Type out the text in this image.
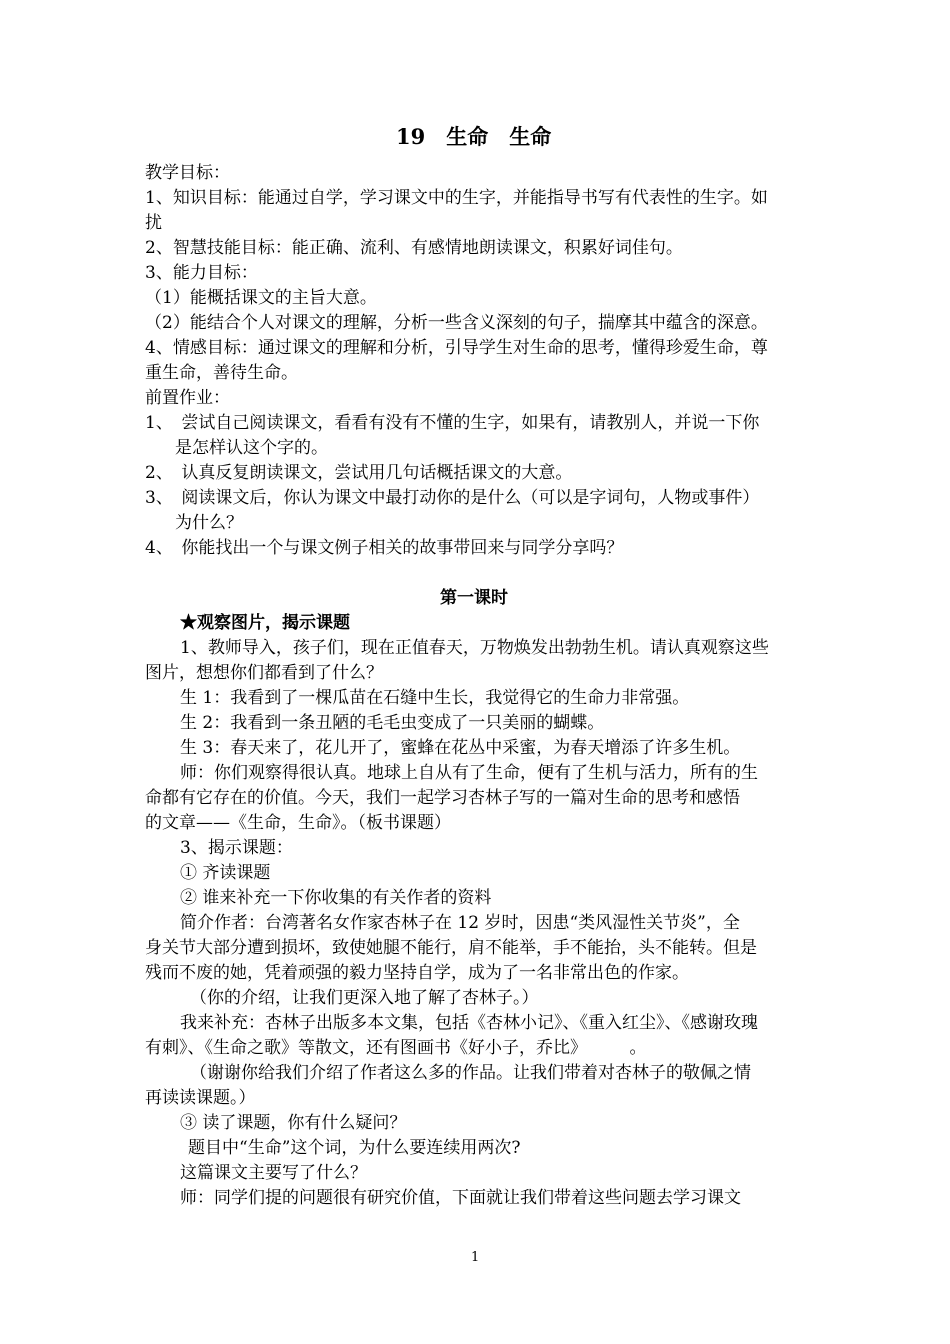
19　生命　生命
教学目标：
1、知识目标：能通过自学，学习课文中的生字，并能指导书写有代表性的生字。如
扰
2、智慧技能目标：能正确、流利、有感情地朗读课文，积累好词佳句。
3、能力目标：
（1）能概括课文的主旨大意。
（2）能结合个人对课文的理解，分析一些含义深刻的句子，揣摩其中蕴含的深意。
4、情感目标：通过课文的理解和分析，引导学生对生命的思考，懂得珍爱生命，尊
重生命，善待生命。
前置作业：
1、　尝试自己阅读课文，看看有没有不懂的生字，如果有，请教别人，并说一下你
是怎样认这个字的。
2、　认真反复朗读课文，尝试用几句话概括课文的大意。
3、　阅读课文后，你认为课文中最打动你的是什么（可以是字词句，人物或事件）
为什么？
4、　你能找出一个与课文例子相关的故事带回来与同学分享吗？
第一课时
★观察图片，揭示课题
1、教师导入，孩子们，现在正值春天，万物焕发出勃勃生机。请认真观察这些
图片，想想你们都看到了什么？
生 1：我看到了一棵瓜苗在石缝中生长，我觉得它的生命力非常强。
生 2：我看到一条丑陋的毛毛虫变成了一只美丽的蝴蝶。
生 3：春天来了，花儿开了，蜜蜂在花丛中采蜜，为春天增添了许多生机。
师：你们观察得很认真。地球上自从有了生命，便有了生机与活力，所有的生
命都有它存在的价值。今天，我们一起学习杏林子写的一篇对生命的思考和感悟
的文章——《生命，生命》。（板书课题）
3、揭示课题：
① 齐读课题
② 谁来补充一下你收集的有关作者的资料
简介作者：台湾著名女作家杏林子在 12 岁时，因患“类风湿性关节炎”，全
身关节大部分遭到损坏，致使她腿不能行，肩不能举，手不能抬，头不能转。但是
残而不废的她，凭着顽强的毅力坚持自学，成为了一名非常出色的作家。
（你的介绍，让我们更深入地了解了杏林子。）
我来补充：杏林子出版多本文集，包括《杏林小记》、《重入红尘》、《感谢玫瑰
有刺》、《生命之歌》等散文，还有图画书《好小子，乔比》　　　。
（谢谢你给我们介绍了作者这么多的作品。让我们带着对杏林子的敬佩之情
再读读课题。）
③ 读了课题，你有什么疑问？
题目中“生命”这个词，为什么要连续用两次?
这篇课文主要写了什么？
师：同学们提的问题很有研究价值，下面就让我们带着这些问题去学习课文
1
